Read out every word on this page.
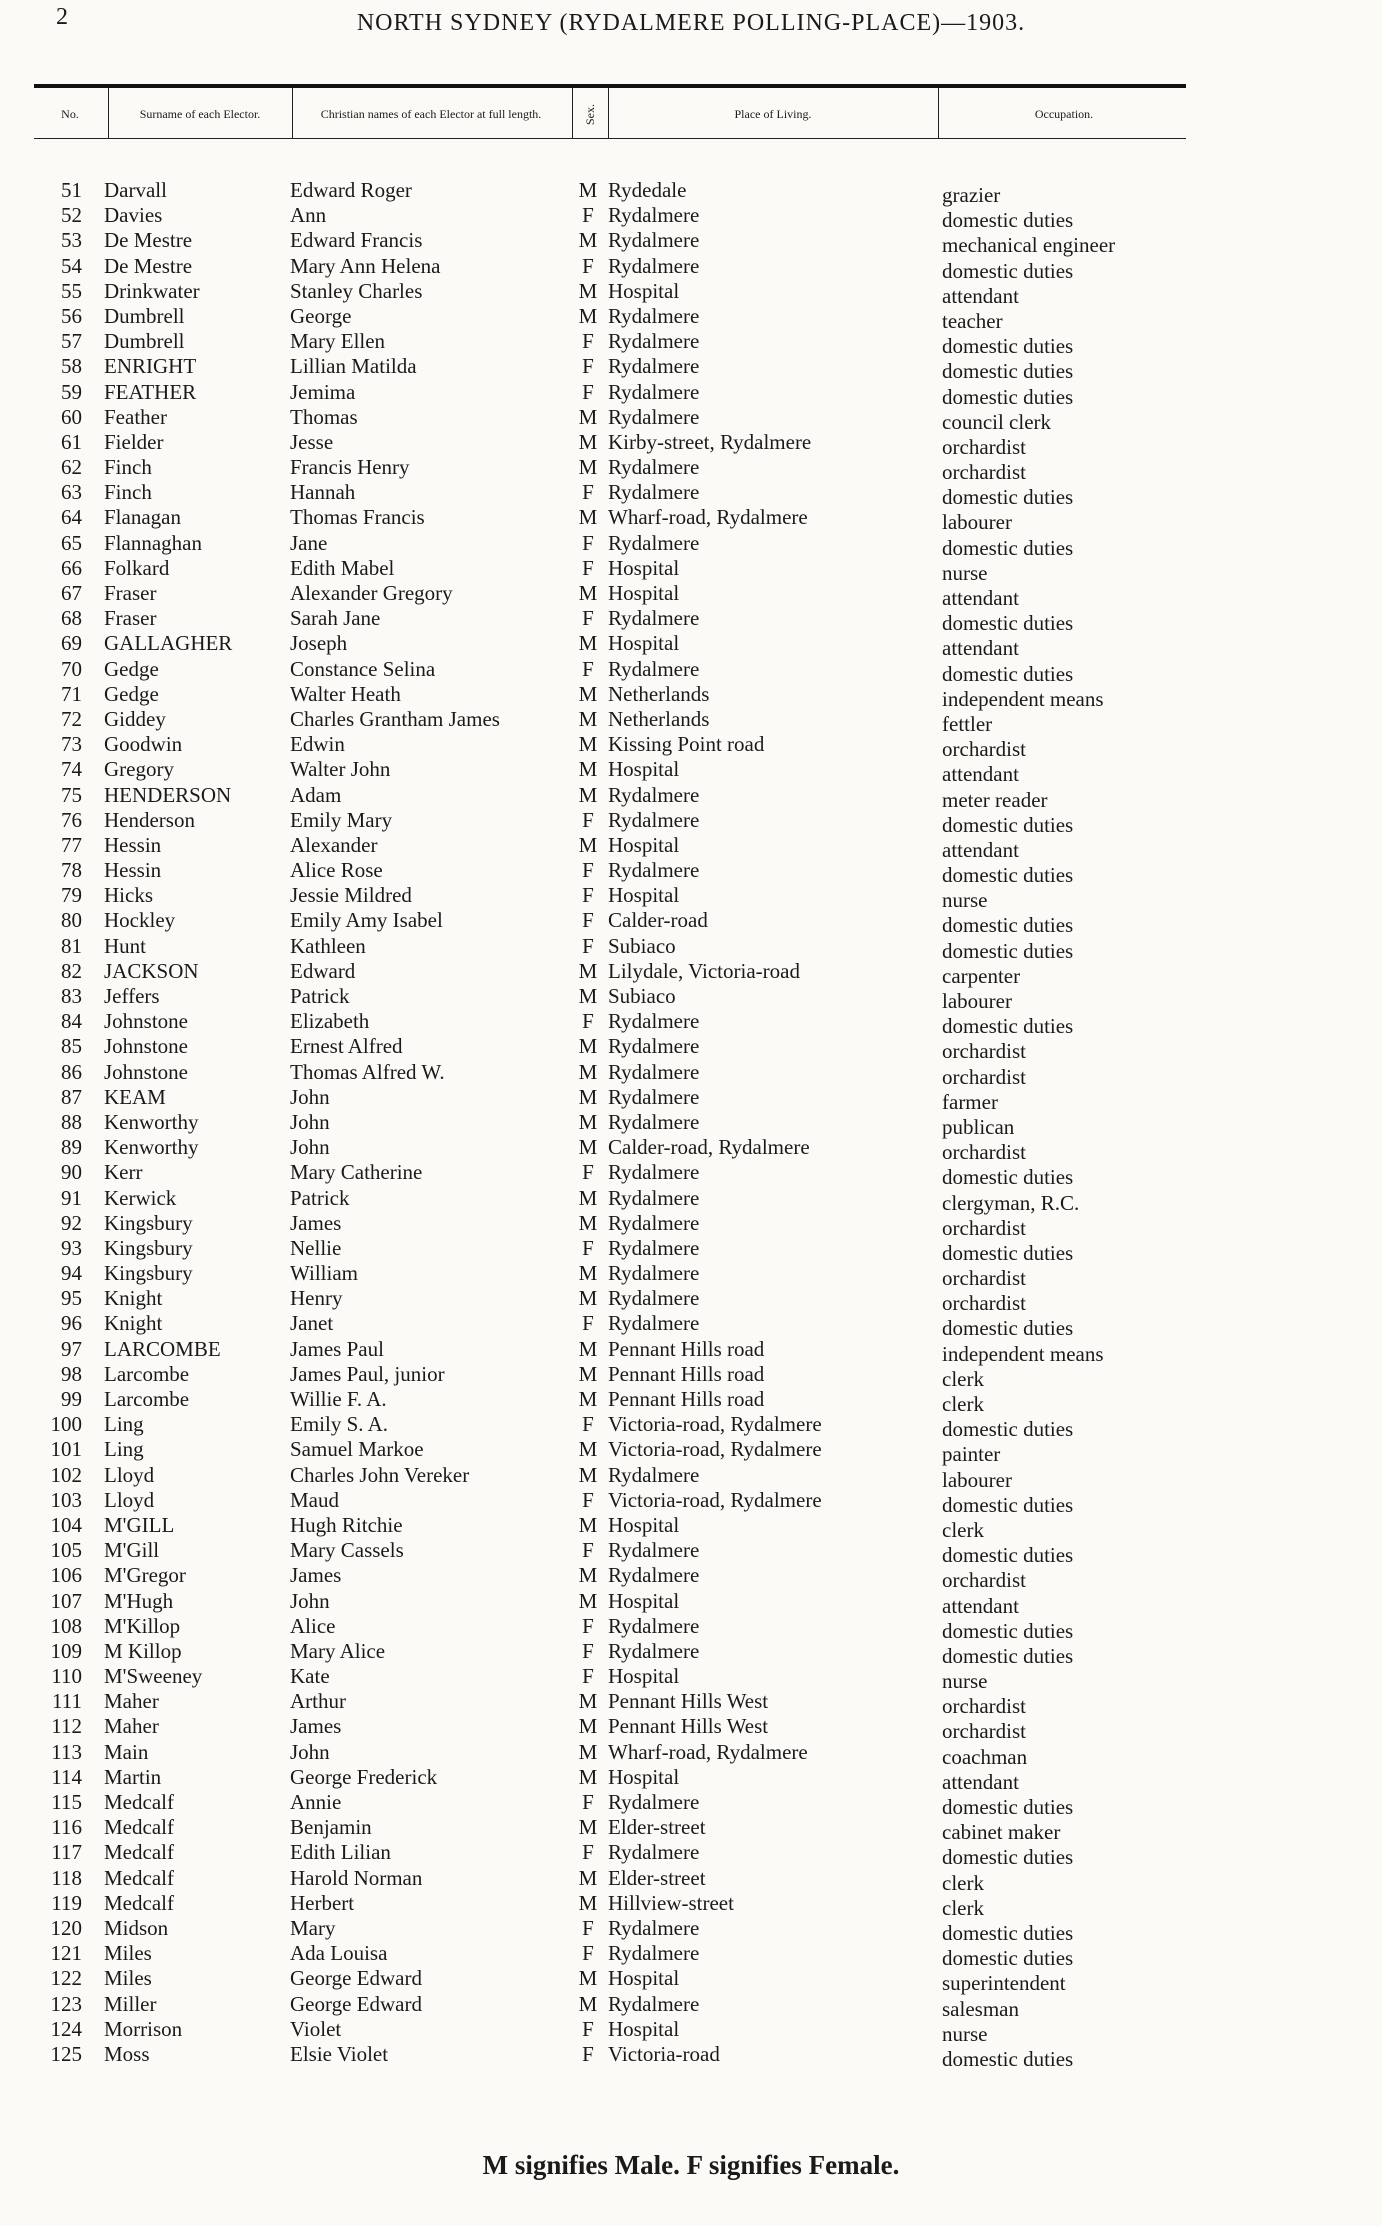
2	NORTH SYDNEY (RYDALMERE POLLING-PLACE)—1903.
No.	Surname of each Elector.	Christian names of each Elector at full length.	Sex.	Place of Living.	Occupation.
51 Darvall	Edward Roger	M Rydedale	grazier
52 Davies	Ann	F Rydalmere	domestic duties
53 De Mestre	Edward Francis	M Rydalmere	mechanical engineer
54 De Mestre	Mary Ann Helena	F Rydalmere	domestic duties
55 Drinkwater	Stanley Charles	M Hospital	attendant
56 Dumbrell	George	M Rydalmere	teacher
57 Dumbrell	Mary Ellen	F Rydalmere	domestic duties
58 ENRIGHT	Lillian Matilda	F Rydalmere	domestic duties
59 FEATHER	Jemima	F Rydalmere	domestic duties
60 Feather	Thomas	M Rydalmere	council clerk
61 Fielder	Jesse	M Kirby-street, Rydalmere	orchardist
62 Finch	Francis Henry	M Rydalmere	orchardist
63 Finch	Hannah	F Rydalmere	domestic duties
64 Flanagan	Thomas Francis	M Wharf-road, Rydalmere	labourer
65 Flannaghan	Jane	F Rydalmere	domestic duties
66 Folkard	Edith Mabel	F Hospital	nurse
67 Fraser	Alexander Gregory	M Hospital	attendant
68 Fraser	Sarah Jane	F Rydalmere	domestic duties
69 GALLAGHER	Joseph	M Hospital	attendant
70 Gedge	Constance Selina	F Rydalmere	domestic duties
71 Gedge	Walter Heath	M Netherlands	independent means
72 Giddey	Charles Grantham James	M Netherlands	fettler
73 Goodwin	Edwin	M Kissing Point road	orchardist
74 Gregory	Walter John	M Hospital	attendant
75 HENDERSON	Adam	M Rydalmere	meter reader
76 Henderson	Emily Mary	F Rydalmere	domestic duties
77 Hessin	Alexander	M Hospital	attendant
78 Hessin	Alice Rose	F Rydalmere	domestic duties
79 Hicks	Jessie Mildred	F Hospital	nurse
80 Hockley	Emily Amy Isabel	F Calder-road	domestic duties
81 Hunt	Kathleen	F Subiaco	domestic duties
82 JACKSON	Edward	M Lilydale, Victoria-road	carpenter
83 Jeffers	Patrick	M Subiaco	labourer
84 Johnstone	Elizabeth	F Rydalmere	domestic duties
85 Johnstone	Ernest Alfred	M Rydalmere	orchardist
86 Johnstone	Thomas Alfred W.	M Rydalmere	orchardist
87 KEAM	John	M Rydalmere	farmer
88 Kenworthy	John	M Rydalmere	publican
89 Kenworthy	John	M Calder-road, Rydalmere	orchardist
90 Kerr	Mary Catherine	F Rydalmere	domestic duties
91 Kerwick	Patrick	M Rydalmere	clergyman, R.C.
92 Kingsbury	James	M Rydalmere	orchardist
93 Kingsbury	Nellie	F Rydalmere	domestic duties
94 Kingsbury	William	M Rydalmere	orchardist
95 Knight	Henry	M Rydalmere	orchardist
96 Knight	Janet	F Rydalmere	domestic duties
97 LARCOMBE	James Paul	M Pennant Hills road	independent means
98 Larcombe	James Paul, junior	M Pennant Hills road	clerk
99 Larcombe	Willie F. A.	M Pennant Hills road	clerk
100 Ling	Emily S. A.	F Victoria-road, Rydalmere	domestic duties
101 Ling	Samuel Markoe	M Victoria-road, Rydalmere	painter
102 Lloyd	Charles John Vereker	M Rydalmere	labourer
103 Lloyd	Maud	F Victoria-road, Rydalmere	domestic duties
104 M'GILL	Hugh Ritchie	M Hospital	clerk
105 M'Gill	Mary Cassels	F Rydalmere	domestic duties
106 M'Gregor	James	M Rydalmere	orchardist
107 M'Hugh	John	M Hospital	attendant
108 M'Killop	Alice	F Rydalmere	domestic duties
109 M Killop	Mary Alice	F Rydalmere	domestic duties
110 M'Sweeney	Kate	F Hospital	nurse
111 Maher	Arthur	M Pennant Hills West	orchardist
112 Maher	James	M Pennant Hills West	orchardist
113 Main	John	M Wharf-road, Rydalmere	coachman
114 Martin	George Frederick	M Hospital	attendant
115 Medcalf	Annie	F Rydalmere	domestic duties
116 Medcalf	Benjamin	M Elder-street	cabinet maker
117 Medcalf	Edith Lilian	F Rydalmere	domestic duties
118 Medcalf	Harold Norman	M Elder-street	clerk
119 Medcalf	Herbert	M Hillview-street	clerk
120 Midson	Mary	F Rydalmere	domestic duties
121 Miles	Ada Louisa	F Rydalmere	domestic duties
122 Miles	George Edward	M Hospital	superintendent
123 Miller	George Edward	M Rydalmere	salesman
124 Morrison	Violet	F Hospital	nurse
125 Moss	Elsie Violet	F Victoria-road	domestic duties
M signifies Male. F signifies Female.
